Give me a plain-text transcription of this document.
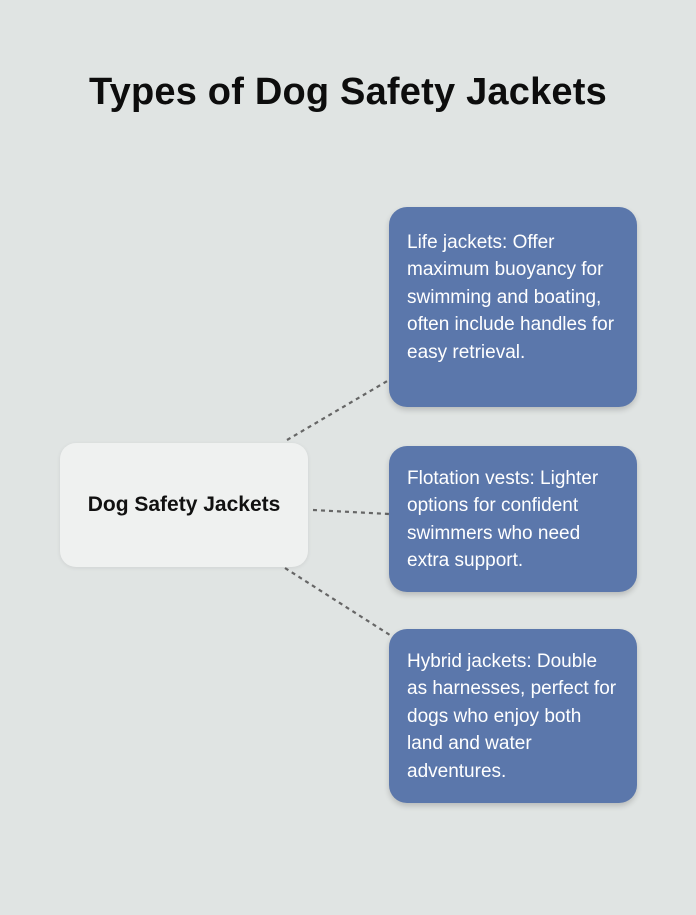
Types of Dog Safety Jackets
Dog Safety Jackets
Life jackets: Offer maximum buoyancy for swimming and boating, often include handles for easy retrieval.
Flotation vests: Lighter options for confident swimmers who need extra support.
Hybrid jackets: Double as harnesses, perfect for dogs who enjoy both land and water adventures.
